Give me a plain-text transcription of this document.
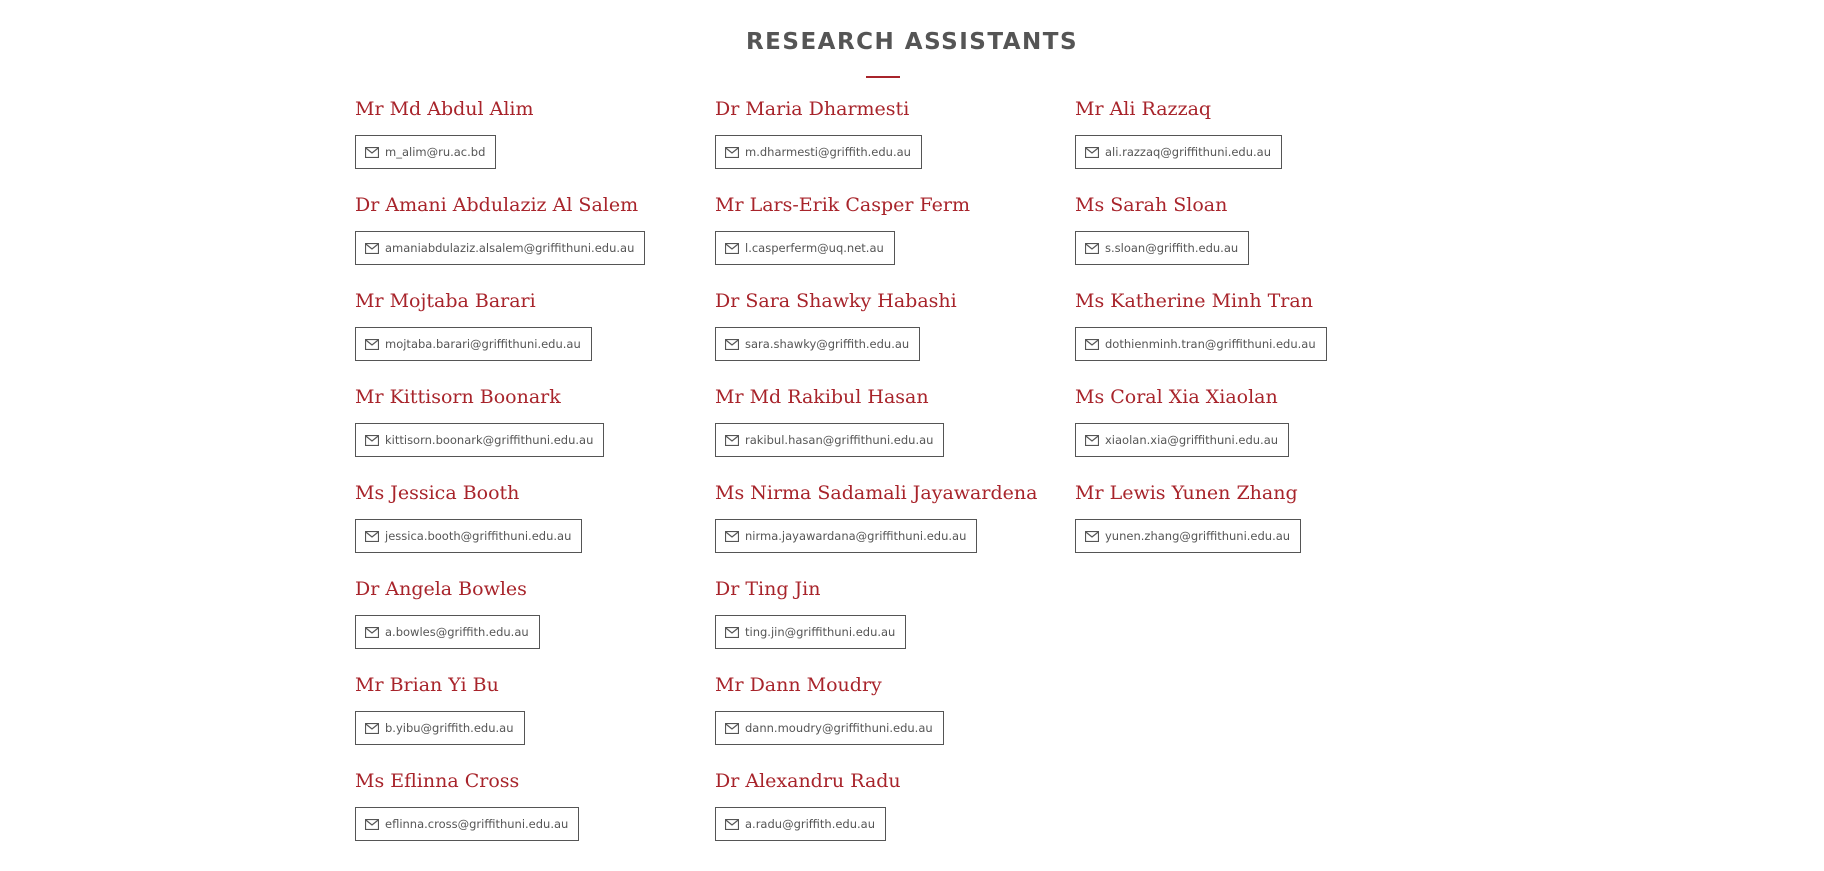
RESEARCH ASSISTANTS
Mr Md Abdul Alim
m_alim@ru.ac.bd
Dr Maria Dharmesti
m.dharmesti@griffith.edu.au
Mr Ali Razzaq
ali.razzaq@griffithuni.edu.au
Dr Amani Abdulaziz Al Salem
amaniabdulaziz.alsalem@griffithuni.edu.au
Mr Lars-Erik Casper Ferm
l.casperferm@uq.net.au
Ms Sarah Sloan
s.sloan@griffith.edu.au
Mr Mojtaba Barari
mojtaba.barari@griffithuni.edu.au
Dr Sara Shawky Habashi
sara.shawky@griffith.edu.au
Ms Katherine Minh Tran
dothienminh.tran@griffithuni.edu.au
Mr Kittisorn Boonark
kittisorn.boonark@griffithuni.edu.au
Mr Md Rakibul Hasan
rakibul.hasan@griffithuni.edu.au
Ms Coral Xia Xiaolan
xiaolan.xia@griffithuni.edu.au
Ms Jessica Booth
jessica.booth@griffithuni.edu.au
Ms Nirma Sadamali Jayawardena
nirma.jayawardana@griffithuni.edu.au
Mr Lewis Yunen Zhang
yunen.zhang@griffithuni.edu.au
Dr Angela Bowles
a.bowles@griffith.edu.au
Dr Ting Jin
ting.jin@griffithuni.edu.au
Mr Brian Yi Bu
b.yibu@griffith.edu.au
Mr Dann Moudry
dann.moudry@griffithuni.edu.au
Ms Eflinna Cross
eflinna.cross@griffithuni.edu.au
Dr Alexandru Radu
a.radu@griffith.edu.au
